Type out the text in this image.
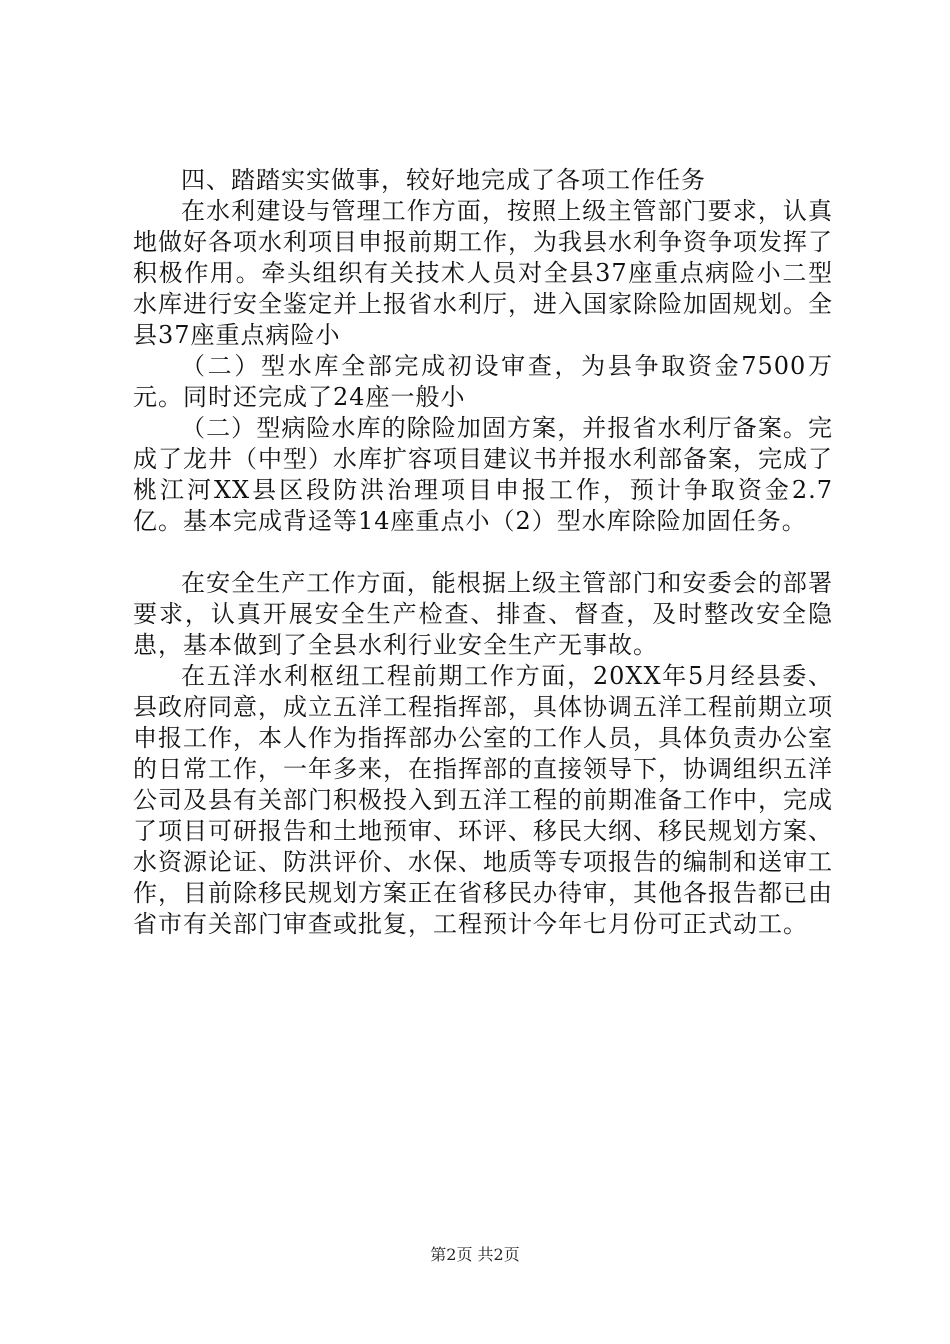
四、踏踏实实做事，较好地完成了各项工作任务

在水利建设与管理工作方面，按照上级主管部门要求，认真地做好各项水利项目申报前期工作，为我县水利争资争项发挥了积极作用。牵头组织有关技术人员对全县37座重点病险小二型水库进行安全鉴定并上报省水利厅，进入国家除险加固规划。全县37座重点病险小

（二）型水库全部完成初设审查，为县争取资金7500万元。同时还完成了24座一般小

（二）型病险水库的除险加固方案，并报省水利厅备案。完成了龙井（中型）水库扩容项目建议书并报水利部备案，完成了桃江河XX县区段防洪治理项目申报工作，预计争取资金2.7亿。基本完成背迳等14座重点小（2）型水库除险加固任务。

在安全生产工作方面，能根据上级主管部门和安委会的部署要求，认真开展安全生产检查、排查、督查，及时整改安全隐患，基本做到了全县水利行业安全生产无事故。

在五洋水利枢纽工程前期工作方面，20XX年5月经县委、县政府同意，成立五洋工程指挥部，具体协调五洋工程前期立项申报工作，本人作为指挥部办公室的工作人员，具体负责办公室的日常工作，一年多来，在指挥部的直接领导下，协调组织五洋公司及县有关部门积极投入到五洋工程的前期准备工作中，完成了项目可研报告和土地预审、环评、移民大纲、移民规划方案、水资源论证、防洪评价、水保、地质等专项报告的编制和送审工作，目前除移民规划方案正在省移民办待审，其他各报告都已由省市有关部门审查或批复，工程预计今年七月份可正式动工。

第2页 共2页
